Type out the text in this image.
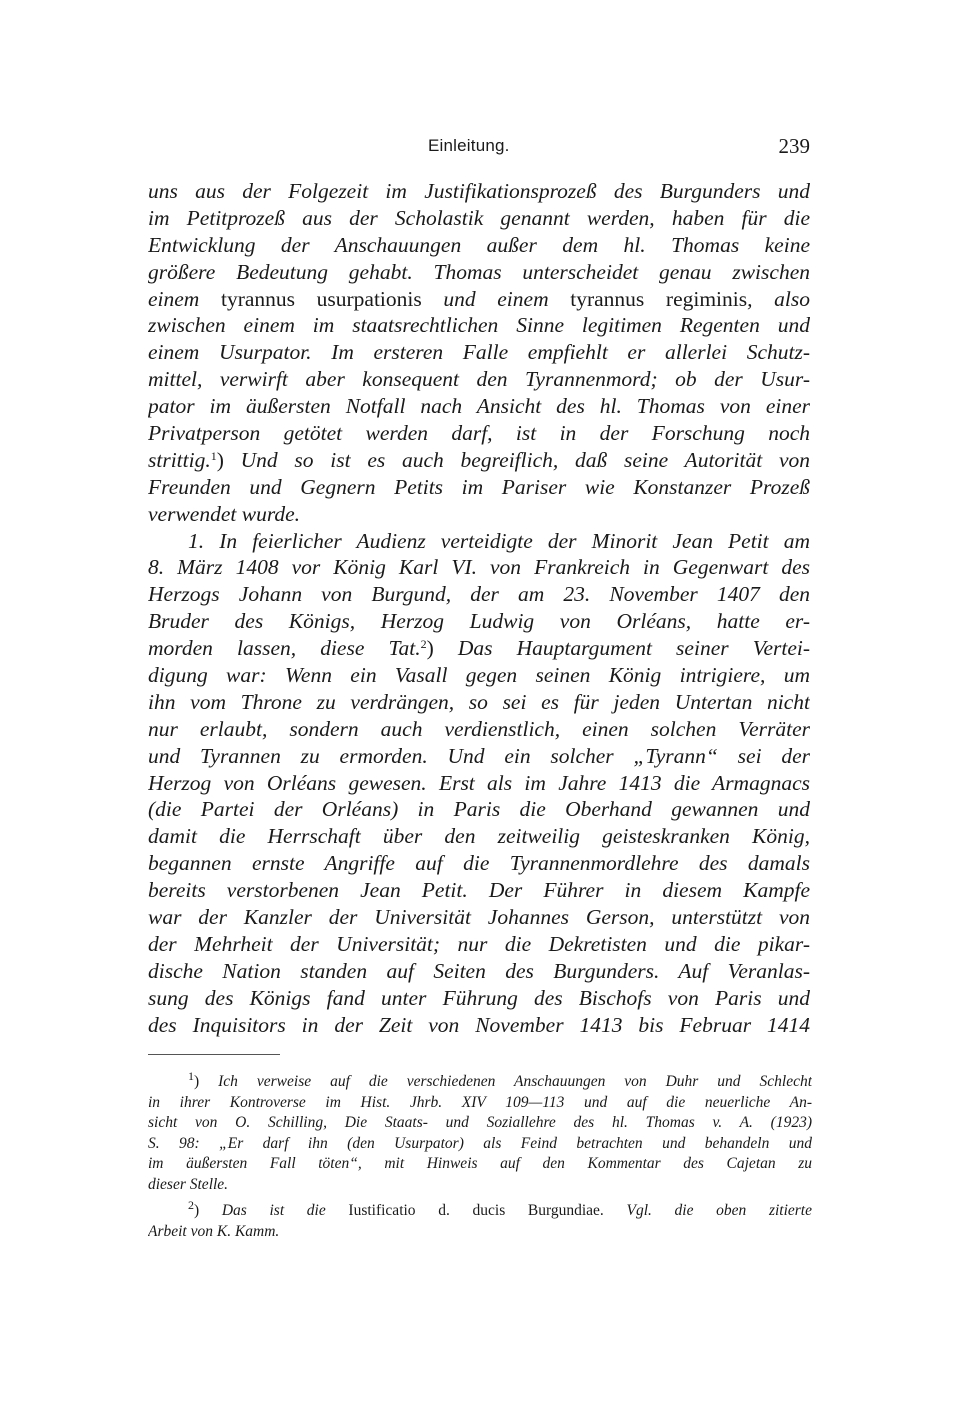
Einleitung.	239
uns aus der Folgezeit im Justifikationsprozeß des Burgunders und
im Petitprozeß aus der Scholastik genannt werden, haben für die
Entwicklung der Anschauungen außer dem hl. Thomas keine
größere Bedeutung gehabt. Thomas unterscheidet genau zwischen
einem tyrannus usurpationis und einem tyrannus regiminis, also
zwischen einem im staatsrechtlichen Sinne legitimen Regenten und
einem Usurpator. Im ersteren Falle empfiehlt er allerlei Schutz-
mittel, verwirft aber konsequent den Tyrannenmord; ob der Usur-
pator im äußersten Notfall nach Ansicht des hl. Thomas von einer
Privatperson getötet werden darf, ist in der Forschung noch
strittig.$^1$) Und so ist es auch begreiflich, daß seine Autorität von
Freunden und Gegnern Petits im Pariser wie Konstanzer Prozeß
verwendet wurde.
1. In feierlicher Audienz verteidigte der Minorit Jean Petit am
8. März 1408 vor König Karl VI. von Frankreich in Gegenwart des
Herzogs Johann von Burgund, der am 23. November 1407 den
Bruder des Königs, Herzog Ludwig von Orléans, hatte er-
morden lassen, diese Tat.$^2$) Das Hauptargument seiner Vertei-
digung war: Wenn ein Vasall gegen seinen König intrigiere, um
ihn vom Throne zu verdrängen, so sei es für jeden Untertan nicht
nur erlaubt, sondern auch verdienstlich, einen solchen Verräter
und Tyrannen zu ermorden. Und ein solcher „Tyrann“ sei der
Herzog von Orléans gewesen. Erst als im Jahre 1413 die Armagnacs
(die Partei der Orléans) in Paris die Oberhand gewannen und
damit die Herrschaft über den zeitweilig geisteskranken König,
begannen ernste Angriffe auf die Tyrannenmordlehre des damals
bereits verstorbenen Jean Petit. Der Führer in diesem Kampfe
war der Kanzler der Universität Johannes Gerson, unterstützt von
der Mehrheit der Universität; nur die Dekretisten und die pikar-
dische Nation standen auf Seiten des Burgunders. Auf Veranlas-
sung des Königs fand unter Führung des Bischofs von Paris und
des Inquisitors in der Zeit von November 1413 bis Februar 1414
$^1$) Ich verweise auf die verschiedenen Anschauungen von Duhr und Schlecht
in ihrer Kontroverse im Hist. Jhrb. XIV 109—113 und auf die neuerliche An-
sicht von O. Schilling, Die Staats- und Soziallehre des hl. Thomas v. A. (1923)
S. 98: „Er darf ihn (den Usurpator) als Feind betrachten und behandeln und
im äußersten Fall töten“, mit Hinweis auf den Kommentar des Cajetan zu
dieser Stelle.
$^2$) Das ist die Iustificatio d. ducis Burgundiae. Vgl. die oben zitierte
Arbeit von K. Kamm.
